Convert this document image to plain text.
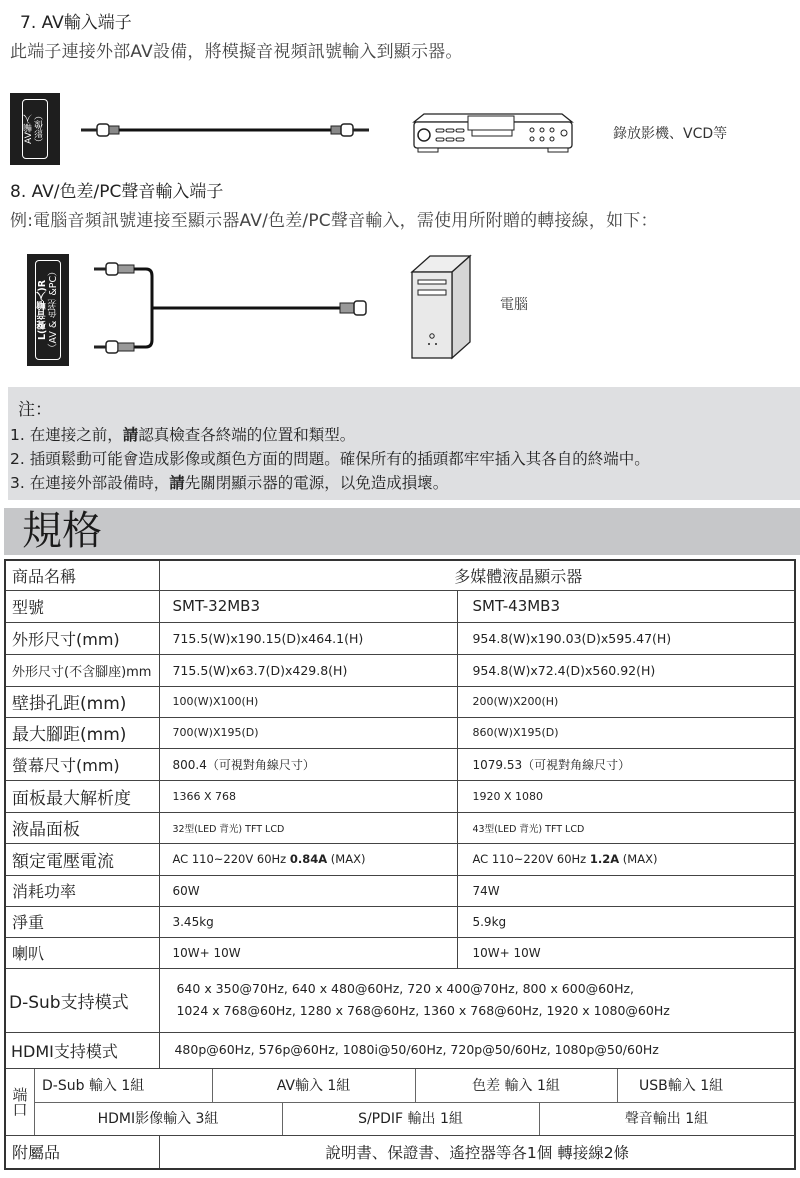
7. AV輸入端子
此端子連接外部AV設備，將模擬音視頻訊號輸入到顯示器。
AV輸入 （影像）	錄放影機、VCD等
8. AV/色差/PC聲音輸入端子
例:電腦音頻訊號連接至顯示器AV/色差/PC聲音輸入，需使用所附贈的轉接線，如下：
L(聲音輸入)R （AV & 色差 &PC）	電腦
注：
1. 在連接之前，請認真檢查各終端的位置和類型。
2. 插頭鬆動可能會造成影像或顏色方面的問題。確保所有的插頭都牢牢插入其各自的終端中。
3. 在連接外部設備時，請先關閉顯示器的電源，以免造成損壞。
規格
商品名稱	多媒體液晶顯示器	
型號	SMT-32MB3	SMT-43MB3
外形尺寸(mm)	715.5(W)x190.15(D)x464.1(H)	954.8(W)x190.03(D)x595.47(H)
外形尺寸(不含腳座)mm	715.5(W)x63.7(D)x429.8(H)	954.8(W)x72.4(D)x560.92(H)
壁掛孔距(mm)	100(W)X100(H)	200(W)X200(H)
最大腳距(mm)	700(W)X195(D)	860(W)X195(D)
螢幕尺寸(mm)	800.4（可視對角線尺寸）	1079.53（可視對角線尺寸）
面板最大解析度	1366 X 768	1920 X 1080
液晶面板	32型(LED 背光) TFT LCD	43型(LED 背光) TFT LCD
額定電壓電流	AC 110~220V 60Hz 0.84A (MAX)	AC 110~220V 60Hz 1.2A (MAX)
消耗功率	60W	74W
淨重	3.45kg	5.9kg
喇叭	10W+ 10W	10W+ 10W
D-Sub支持模式	640 x 350@70Hz, 640 x 480@60Hz, 720 x 400@70Hz, 800 x 600@60Hz,
1024 x 768@60Hz, 1280 x 768@60Hz, 1360 x 768@60Hz, 1920 x 1080@60Hz	

HDMI支持模式	480p@60Hz, 576p@60Hz, 1080i@50/60Hz, 720p@50/60Hz, 1080p@50/60Hz	

端口
D-Sub 輸入 1組	AV輸入 1組	色差 輸入 1組	USB輸入 1組
HDMI影像輸入 3組	S/PDIF 輸出 1組	聲音輸出 1組

附屬品	說明書、保證書、遙控器等各1個 轉接線2條	
